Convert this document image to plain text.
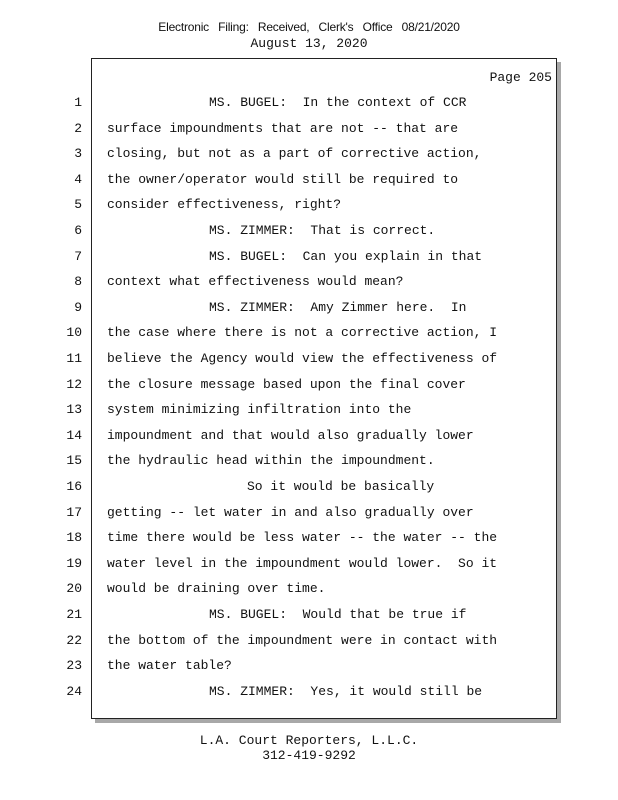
Electronic Filing: Received, Clerk's Office 08/21/2020
August 13, 2020
Page 205
1	MS. BUGEL:  In the context of CCR
2 surface impoundments that are not -- that are
3 closing, but not as a part of corrective action,
4 the owner/operator would still be required to
5 consider effectiveness, right?
6	MS. ZIMMER:  That is correct.
7	MS. BUGEL:  Can you explain in that
8 context what effectiveness would mean?
9	MS. ZIMMER:  Amy Zimmer here.  In
10 the case where there is not a corrective action, I
11 believe the Agency would view the effectiveness of
12 the closure message based upon the final cover
13 system minimizing infiltration into the
14 impoundment and that would also gradually lower
15 the hydraulic head within the impoundment.
16	So it would be basically
17 getting -- let water in and also gradually over
18 time there would be less water -- the water -- the
19 water level in the impoundment would lower.  So it
20 would be draining over time.
21	MS. BUGEL:  Would that be true if
22 the bottom of the impoundment were in contact with
23 the water table?
24	MS. ZIMMER:  Yes, it would still be
L.A. Court Reporters, L.L.C.
312-419-9292
